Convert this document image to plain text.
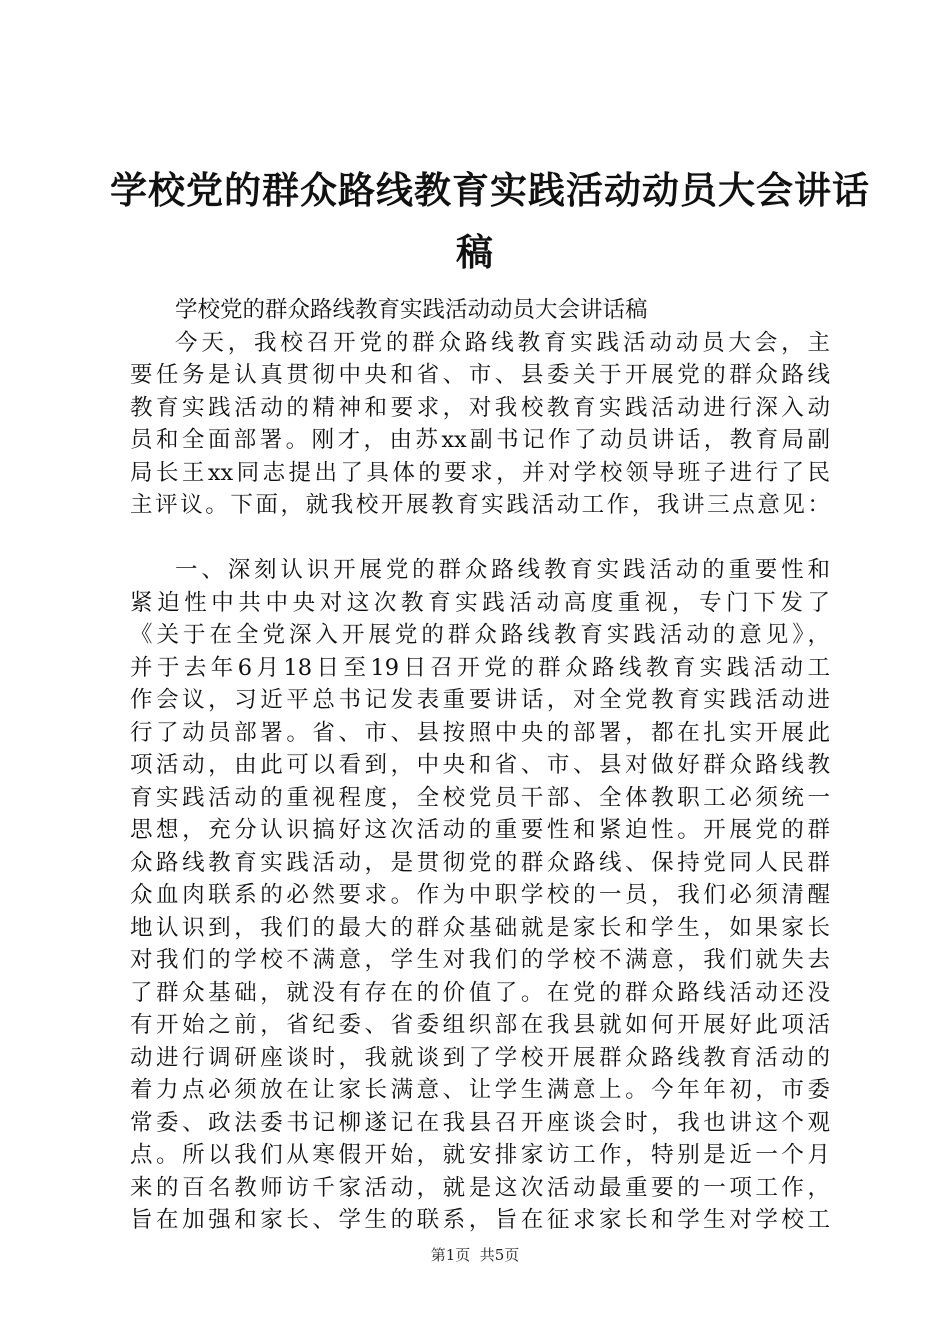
学校党的群众路线教育实践活动动员大会讲话
稿
学校党的群众路线教育实践活动动员大会讲话稿
今天，我校召开党的群众路线教育实践活动动员大会，主
要任务是认真贯彻中央和省、市、县委关于开展党的群众路线
教育实践活动的精神和要求，对我校教育实践活动进行深入动
员和全面部署。刚才，由苏xx副书记作了动员讲话，教育局副
局长王xx同志提出了具体的要求，并对学校领导班子进行了民
主评议。下面，就我校开展教育实践活动工作，我讲三点意见：
一、深刻认识开展党的群众路线教育实践活动的重要性和
紧迫性中共中央对这次教育实践活动高度重视，专门下发了
《关于在全党深入开展党的群众路线教育实践活动的意见》，
并于去年6月18日至19日召开党的群众路线教育实践活动工
作会议，习近平总书记发表重要讲话，对全党教育实践活动进
行了动员部署。省、市、县按照中央的部署，都在扎实开展此
项活动，由此可以看到，中央和省、市、县对做好群众路线教
育实践活动的重视程度，全校党员干部、全体教职工必须统一
思想，充分认识搞好这次活动的重要性和紧迫性。开展党的群
众路线教育实践活动，是贯彻党的群众路线、保持党同人民群
众血肉联系的必然要求。作为中职学校的一员，我们必须清醒
地认识到，我们的最大的群众基础就是家长和学生，如果家长
对我们的学校不满意，学生对我们的学校不满意，我们就失去
了群众基础，就没有存在的价值了。在党的群众路线活动还没
有开始之前，省纪委、省委组织部在我县就如何开展好此项活
动进行调研座谈时，我就谈到了学校开展群众路线教育活动的
着力点必须放在让家长满意、让学生满意上。今年年初，市委
常委、政法委书记柳遂记在我县召开座谈会时，我也讲这个观
点。所以我们从寒假开始，就安排家访工作，特别是近一个月
来的百名教师访千家活动，就是这次活动最重要的一项工作，
旨在加强和家长、学生的联系，旨在征求家长和学生对学校工
第1页  共5页
